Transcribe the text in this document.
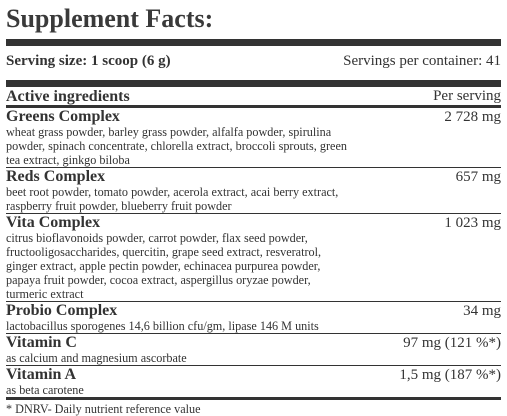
Supplement Facts:
Serving size: 1 scoop (6 g)	Servings per container: 41
Active ingredients	Per serving
Greens Complex
wheat grass powder, barley grass powder, alfalfa powder, spirulina
powder, spinach concentrate, chlorella extract, broccoli sprouts, green
tea extract, ginkgo biloba
2 728 mg
Reds Complex
beet root powder, tomato powder, acerola extract, acai berry extract,
raspberry fruit powder, blueberry fruit powder
657 mg
Vita Complex
citrus bioflavonoids powder, carrot powder, flax seed powder,
fructooligosaccharides, quercitin, grape seed extract, resveratrol,
ginger extract, apple pectin powder, echinacea purpurea powder,
papaya fruit powder, cocoa extract, aspergillus oryzae powder,
turmeric extract
1 023 mg
Probio Complex
lactobacillus sporogenes 14,6 billion cfu/gm, lipase 146 M units
34 mg
Vitamin C
as calcium and magnesium ascorbate
97 mg (121 %*)
Vitamin A
as beta carotene
1,5 mg (187 %*)
* DNRV- Daily nutrient reference value
